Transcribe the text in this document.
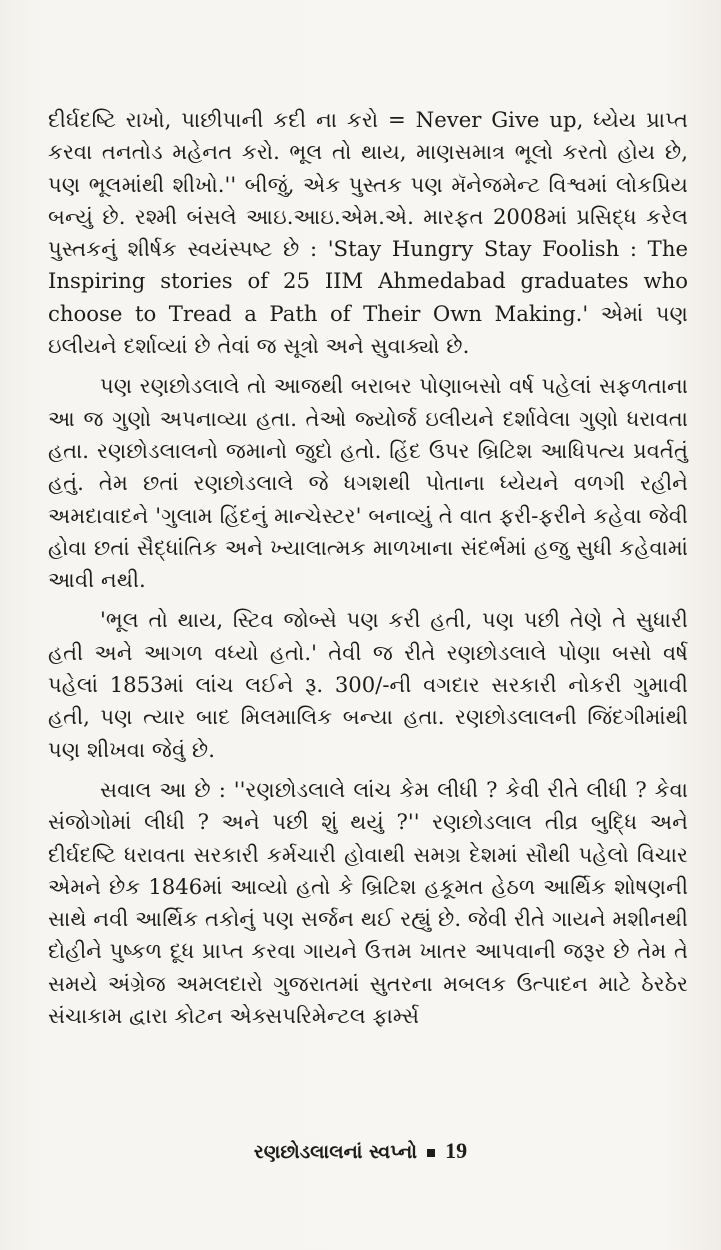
દીર્ઘદષ્ટિ રાખો, પાછીપાની કદી ના કરો = Never Give up, ધ્યેય પ્રાપ્ત કરવા તનતોડ મહેનત કરો. ભૂલ તો થાય, માણસમાત્ર ભૂલો કરતો હોય છે, પણ ભૂલમાંથી શીખો.'' બીજું, એક પુસ્તક પણ મૅનેજમેન્ટ વિશ્વમાં લોકપ્રિય બન્યું છે. રશ્મી બંસલે આઇ.આઇ.એમ.એ. મારફત 2008માં પ્રસિદ્ધ કરેલ પુસ્તકનું શીર્ષક સ્વયંસ્પષ્ટ છે : 'Stay Hungry Stay Foolish : The Inspiring stories of 25 IIM Ahmedabad graduates who choose to Tread a Path of Their Own Making.' એમાં પણ ઇલીયને દર્શાવ્યાં છે તેવાં જ સૂત્રો અને સુવાક્યો છે.

પણ રણછોડલાલે તો આજથી બરાબર પોણાબસો વર્ષ પહેલાં સફળતાના આ જ ગુણો અપનાવ્યા હતા. તેઓ જ્યોર્જ ઇલીયને દર્શાવેલા ગુણો ધરાવતા હતા. રણછોડલાલનો જમાનો જુદો હતો. હિંદ ઉપર બ્રિટિશ આધિપત્ય પ્રવર્તતું હતું. તેમ છતાં રણછોડલાલે જે ધગશથી પોતાના ધ્યેયને વળગી રહીને અમદાવાદને 'ગુલામ હિંદનું માન્ચેસ્ટર' બનાવ્યું તે વાત ફરી-ફરીને કહેવા જેવી હોવા છતાં સૈદ્ધાંતિક અને ખ્યાલાત્મક માળખાના સંદર્ભમાં હજુ સુધી કહેવામાં આવી નથી.

'ભૂલ તો થાય, સ્ટિવ જોબ્સે પણ કરી હતી, પણ પછી તેણે તે સુધારી હતી અને આગળ વધ્યો હતો.' તેવી જ રીતે રણછોડલાલે પોણા બસો વર્ષ પહેલાં 1853માં લાંચ લઈને રૂ. 300/-ની વગદાર સરકારી નોકરી ગુમાવી હતી, પણ ત્યાર બાદ મિલમાલિક બન્યા હતા. રણછોડલાલની જિંદગીમાંથી પણ શીખવા જેવું છે.

સવાલ આ છે : ''રણછોડલાલે લાંચ કેમ લીધી ? કેવી રીતે લીધી ? કેવા સંજોગોમાં લીધી ? અને પછી શું થયું ?'' રણછોડલાલ તીવ્ર બુદ્ધિ અને દીર્ઘદષ્ટિ ધરાવતા સરકારી કર્મચારી હોવાથી સમગ્ર દેશમાં સૌથી પહેલો વિચાર એમને છેક 1846માં આવ્યો હતો કે બ્રિટિશ હકૂમત હેઠળ આર્થિક શોષણની સાથે નવી આર્થિક તકોનું પણ સર્જન થઈ રહ્યું છે. જેવી રીતે ગાયને મશીનથી દોહીને પુષ્કળ દૂધ પ્રાપ્ત કરવા ગાયને ઉત્તમ ખાતર આપવાની જરૂર છે તેમ તે સમયે અંગ્રેજ અમલદારો ગુજરાતમાં સુતરના મબલક ઉત્પાદન માટે ઠેરઠેર સંચાકામ દ્વારા કોટન એક્સપરિમેન્ટલ ફાર્મ્સ

રણછોડલાલનાં સ્વપ્નો 19
